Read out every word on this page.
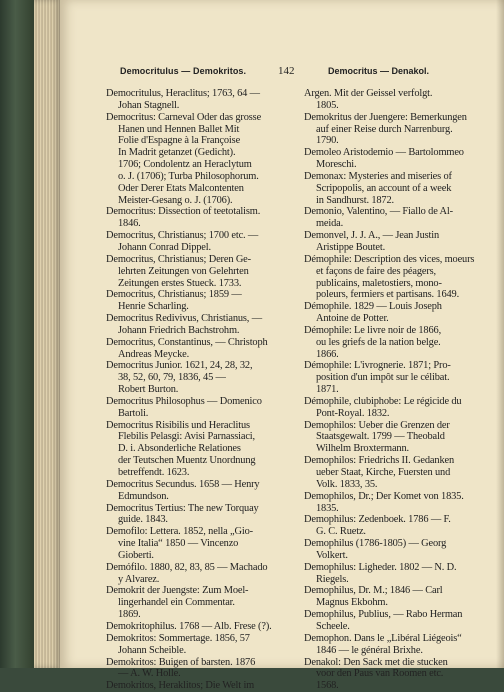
Democritulus — Demokritos.	142	Democritus — Denakol.
Democritulus, Heraclitus; 1763, 64 —
Johan Stagnell.
Democritus: Carneval Oder das grosse
Hanen und Hennen Ballet Mit
Folie d'Espagne à la Françoise
In Madrit getanzet (Gedicht).
1706; Condolentz an Heraclytum
o. J. (1706); Turba Philosophorum.
Oder Derer Etats Malcontenten
Meister-Gesang o. J. (1706).
Democritus: Dissection of teetotalism.
1846.
Democritus, Christianus; 1700 etc. —
Johann Conrad Dippel.
Democritus, Christianus; Deren Ge-
lehrten Zeitungen von Gelehrten
Zeitungen erstes Stueck. 1733.
Democritus, Christianus; 1859 —
Henrie Scharling.
Democritus Redivivus, Christianus, —
Johann Friedrich Bachstrohm.
Democritus, Constantinus, — Christoph
Andreas Meycke.
Democritus Junior. 1621, 24, 28, 32,
38, 52, 60, 79, 1836, 45 —
Robert Burton.
Democritus Philosophus — Domenico
Bartoli.
Democritus Risibilis und Heraclitus
Flebilis Pelasgi: Avisi Parnassiaci,
D. i. Absonderliche Relationes
der Teutschen Muentz Unordnung
betreffendt. 1623.
Democritus Secundus. 1658 — Henry
Edmundson.
Democritus Tertius: The new Torquay
guide. 1843.
Demofilo: Lettera. 1852, nella „Gio-
vine Italia“ 1850 — Vincenzo
Gioberti.
Demófilo. 1880, 82, 83, 85 — Machado
y Alvarez.
Demokrit der Juengste: Zum Moel-
lingerhandel ein Commentar.
1869.
Demokritophilus. 1768 — Alb. Frese (?).
Demokritos: Sommertage. 1856, 57
Johann Scheible.
Demokritos: Buigen of barsten. 1876
— A. W. Holle.
Demokritos, Heraklitos; Die Welt im
Argen. Mit der Geissel verfolgt.
1805.
Demokritus der Juengere: Bemerkungen
auf einer Reise durch Narrenburg.
1790.
Demoleo Aristodemio — Bartolommeo
Moreschi.
Demonax: Mysteries and miseries of
Scripopolis, an account of a week
in Sandhurst. 1872.
Demonio, Valentino, — Fiallo de Al-
meida.
Demonvel, J. J. A., — Jean Justin
Aristippe Boutet.
Démophile: Description des vices, moeurs
et façons de faire des péagers,
publicains, maletostiers, mono-
poleurs, fermiers et partisans. 1649.
Démophile. 1829 — Louis Joseph
Antoine de Potter.
Démophile: Le livre noir de 1866,
ou les griefs de la nation belge.
1866.
Démophile: L'ivrognerie. 1871; Pro-
position d'un impôt sur le célibat.
1871.
Démophile, clubiphobe: Le régicide du
Pont-Royal. 1832.
Demophilos: Ueber die Grenzen der
Staatsgewalt. 1799 — Theobald
Wilhelm Broxtermann.
Demophilos: Friedrichs II. Gedanken
ueber Staat, Kirche, Fuersten und
Volk. 1833, 35.
Demophilos, Dr.; Der Komet von 1835.
1835.
Demophilus: Zedenboek. 1786 — F.
G. C. Ruetz.
Demophilus (1786-1805) — Georg
Volkert.
Demophilus: Ligheder. 1802 — N. D.
Riegels.
Demophilus, Dr. M.; 1846 — Carl
Magnus Ekbohm.
Demophilus, Publius, — Rabo Herman
Scheele.
Demophon. Dans le „Libéral Liégeois“
1846 — le général Brixhe.
Denakol: Den Sack met die stucken
voor den Paus van Roomen etc.
1568.
